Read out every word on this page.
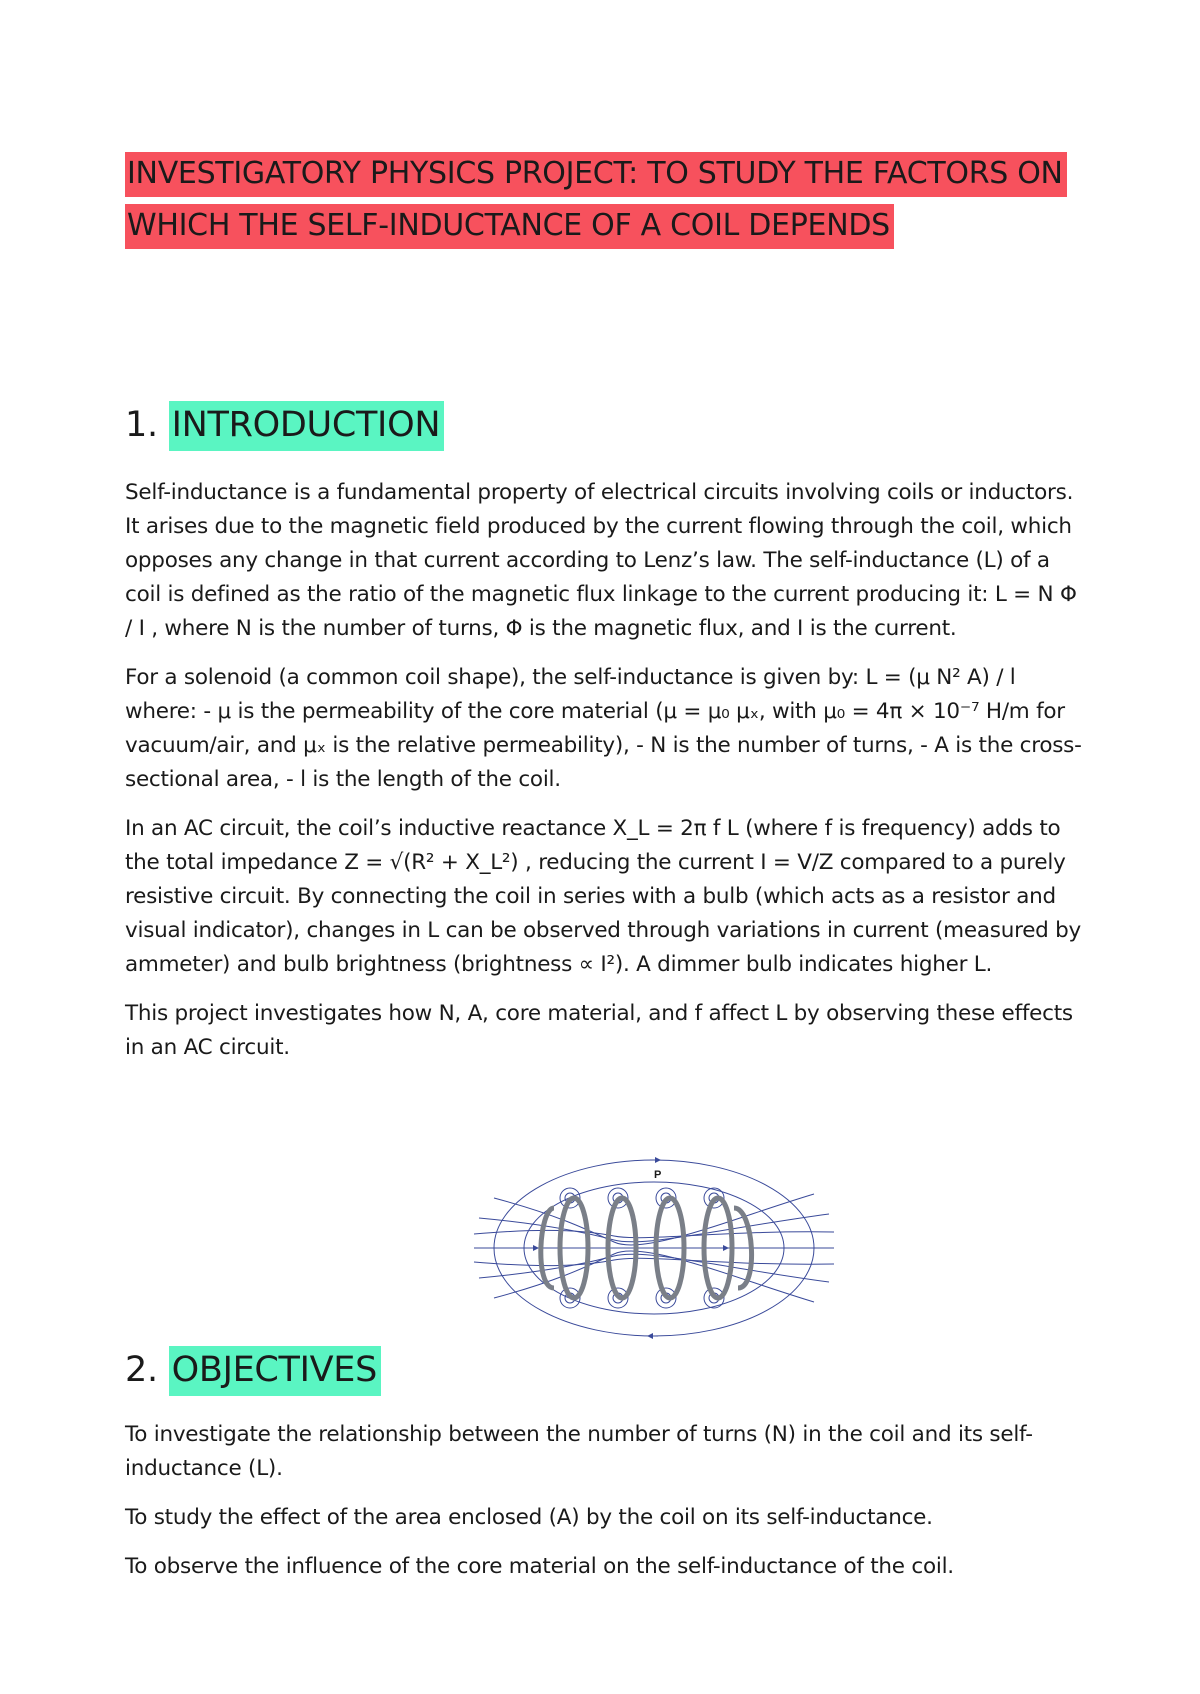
INVESTIGATORY PHYSICS PROJECT: TO STUDY THE FACTORS ON WHICH THE SELF-INDUCTANCE OF A COIL DEPENDS
1. INTRODUCTION

Self-inductance is a fundamental property of electrical circuits involving coils or inductors. It arises due to the magnetic field produced by the current flowing through the coil, which opposes any change in that current according to Lenz’s law. The self-inductance (L) of a coil is defined as the ratio of the magnetic flux linkage to the current producing it: L = N Φ / I , where N is the number of turns, Φ is the magnetic flux, and I is the current.

For a solenoid (a common coil shape), the self-inductance is given by: L = (μ N² A) / l where: - μ is the permeability of the core material (μ = μ₀ μₓ, with μ₀ = 4π × 10⁻⁷ H/m for vacuum/air, and μₓ is the relative permeability), - N is the number of turns, - A is the cross-sectional area, - l is the length of the coil.

In an AC circuit, the coil’s inductive reactance X_L = 2π f L (where f is frequency) adds to the total impedance Z = √(R² + X_L²) , reducing the current I = V/Z compared to a purely resistive circuit. By connecting the coil in series with a bulb (which acts as a resistor and visual indicator), changes in L can be observed through variations in current (measured by ammeter) and bulb brightness (brightness ∝ I²). A dimmer bulb indicates higher L.

This project investigates how N, A, core material, and f affect L by observing these effects in an AC circuit.

P
2. OBJECTIVES

To investigate the relationship between the number of turns (N) in the coil and its self-inductance (L).

To study the effect of the area enclosed (A) by the coil on its self-inductance.

To observe the influence of the core material on the self-inductance of the coil.
